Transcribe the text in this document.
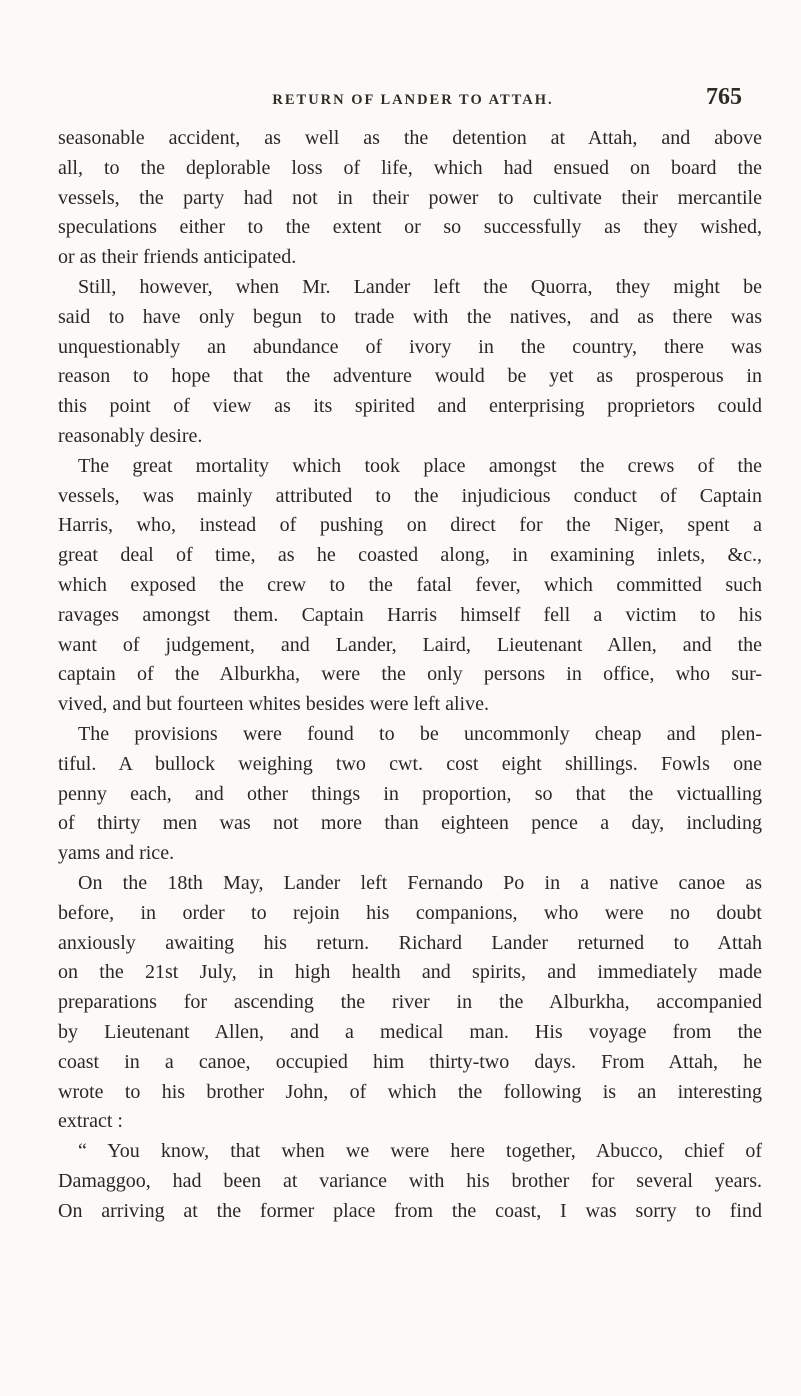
RETURN OF LANDER TO ATTAH.	765
seasonable accident, as well as the detention at Attah, and above
all, to the deplorable loss of life, which had ensued on board the
vessels, the party had not in their power to cultivate their mercantile
speculations either to the extent or so successfully as they wished,
or as their friends anticipated.
Still, however, when Mr. Lander left the Quorra, they might be
said to have only begun to trade with the natives, and as there was
unquestionably an abundance of ivory in the country, there was
reason to hope that the adventure would be yet as prosperous in
this point of view as its spirited and enterprising proprietors could
reasonably desire.
The great mortality which took place amongst the crews of the
vessels, was mainly attributed to the injudicious conduct of Captain
Harris, who, instead of pushing on direct for the Niger, spent a
great deal of time, as he coasted along, in examining inlets, &c.,
which exposed the crew to the fatal fever, which committed such
ravages amongst them. Captain Harris himself fell a victim to his
want of judgement, and Lander, Laird, Lieutenant Allen, and the
captain of the Alburkha, were the only persons in office, who sur-
vived, and but fourteen whites besides were left alive.
The provisions were found to be uncommonly cheap and plen-
tiful. A bullock weighing two cwt. cost eight shillings. Fowls one
penny each, and other things in proportion, so that the victualling
of thirty men was not more than eighteen pence a day, including
yams and rice.
On the 18th May, Lander left Fernando Po in a native canoe as
before, in order to rejoin his companions, who were no doubt
anxiously awaiting his return. Richard Lander returned to Attah
on the 21st July, in high health and spirits, and immediately made
preparations for ascending the river in the Alburkha, accompanied
by Lieutenant Allen, and a medical man. His voyage from the
coast in a canoe, occupied him thirty-two days. From Attah, he
wrote to his brother John, of which the following is an interesting
extract :
“ You know, that when we were here together, Abucco, chief of
Damaggoo, had been at variance with his brother for several years.
On arriving at the former place from the coast, I was sorry to find
